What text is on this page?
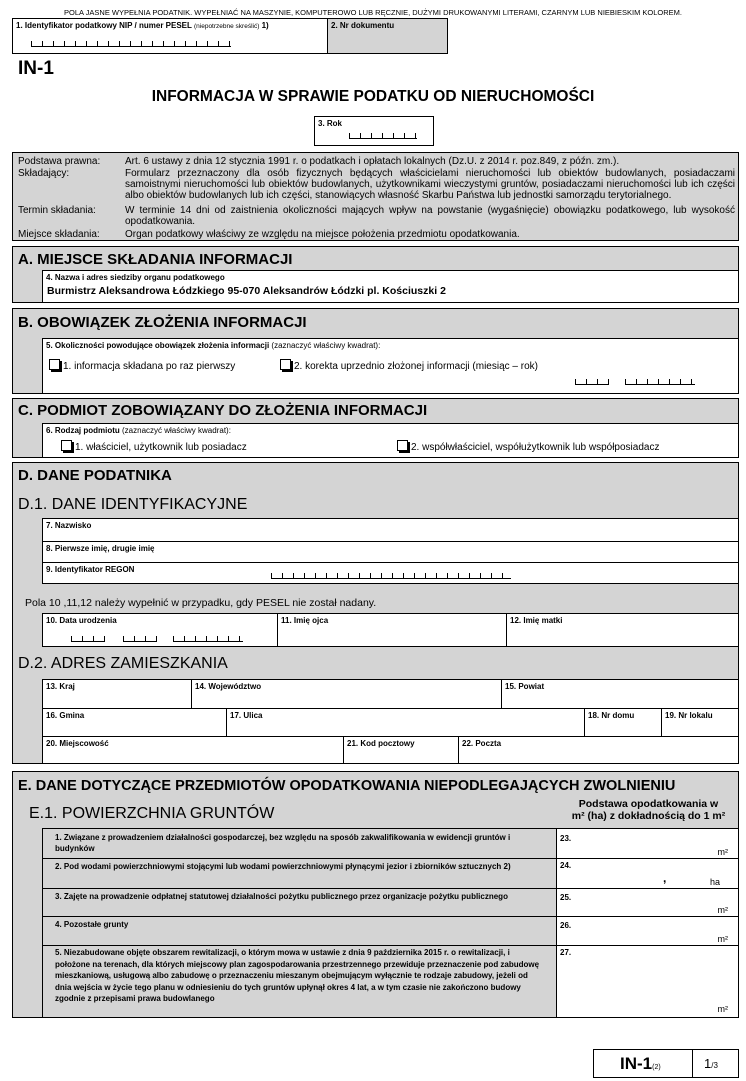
POLA JASNE WYPEŁNIA PODATNIK. WYPEŁNIAĆ NA MASZYNIE, KOMPUTEROWO LUB RĘCZNIE, DUŻYMI DRUKOWANYMI LITERAMI, CZARNYM LUB NIEBIESKIM KOLOREM.
1. Identyfikator podatkowy NIP / numer PESEL (niepotrzebne skreślić) 1)	2. Nr dokumentu
IN-1
INFORMACJA W SPRAWIE PODATKU OD NIERUCHOMOŚCI
3. Rok
Podstawa prawna: Art. 6 ustawy z dnia 12 stycznia 1991 r. o podatkach i opłatach lokalnych (Dz.U. z 2014 r. poz.849, z późn. zm.).
Składający:	Formularz przeznaczony dla osób fizycznych będących właścicielami nieruchomości lub obiektów budowlanych, posiadaczami samoistnymi nieruchomości lub obiektów budowlanych, użytkownikami wieczystymi gruntów, posiadaczami nieruchomości lub ich części albo obiektów budowlanych lub ich części, stanowiących własność Skarbu Państwa lub jednostki samorządu terytorialnego.
Termin składania:	W terminie 14 dni od zaistnienia okoliczności mających wpływ na powstanie (wygaśnięcie) obowiązku podatkowego, lub wysokość opodatkowania.
Miejsce składania:	Organ podatkowy właściwy ze względu na miejsce położenia przedmiotu opodatkowania.
A. MIEJSCE SKŁADANIA INFORMACJI
4. Nazwa i adres siedziby organu podatkowego
Burmistrz Aleksandrowa Łódzkiego 95-070 Aleksandrów Łódzki pl. Kościuszki 2
B. OBOWIĄZEK ZŁOŻENIA INFORMACJI
5. Okoliczności powodujące obowiązek złożenia informacji (zaznaczyć właściwy kwadrat):
1. informacja składana po raz pierwszy	2. korekta uprzednio złożonej informacji (miesiąc – rok)
C. PODMIOT ZOBOWIĄZANY DO ZŁOŻENIA INFORMACJI
6. Rodzaj podmiotu (zaznaczyć właściwy kwadrat):
1. właściciel, użytkownik lub posiadacz	2. współwłaściciel, współużytkownik lub współposiadacz
D. DANE PODATNIKA
D.1. DANE IDENTYFIKACYJNE
Pola 10 ,11,12 należy wypełnić w przypadku, gdy PESEL nie został nadany.
D.2. ADRES ZAMIESZKANIA
7. Nazwisko
8. Pierwsze imię, drugie imię
9. Identyfikator REGON
10. Data urodzenia	11. Imię ojca	12. Imię matki
13. Kraj	14. Województwo	15. Powiat
16. Gmina	17. Ulica	18. Nr domu	19. Nr lokalu
20. Miejscowość	21. Kod pocztowy	22. Poczta
E. DANE DOTYCZĄCE PRZEDMIOTÓW OPODATKOWANIA NIEPODLEGAJĄCYCH ZWOLNIENIU
E.1. POWIERZCHNIA GRUNTÓW
Podstawa opodatkowania w
m² (ha) z dokładnością do 1 m²
1. Związane z prowadzeniem działalności gospodarczej, bez względu na sposób zakwalifikowania w ewidencji gruntów i budynków
23.
m²
2. Pod wodami powierzchniowymi stojącymi lub wodami powierzchniowymi płynącymi jezior i zbiorników sztucznych 2)	24.
,	ha
3. Zajęte na prowadzenie odpłatnej statutowej działalności pożytku publicznego przez organizacje pożytku publicznego	25.
m²
4. Pozostałe grunty	26.
m²
5. Niezabudowane objęte obszarem rewitalizacji, o którym mowa w ustawie z dnia 9 października 2015 r. o rewitalizacji, i położone na terenach, dla których miejscowy plan zagospodarowania przestrzennego przewiduje przeznaczenie pod zabudowę mieszkaniową, usługową albo zabudowę o przeznaczeniu mieszanym obejmującym wyłącznie te rodzaje zabudowy, jeżeli od dnia wejścia w życie tego planu w odniesieniu do tych gruntów upłynął okres 4 lat, a w tym czasie nie zakończono budowy zgodnie z przepisami prawa budowlanego
27.
m²
IN-1(2)	1/3
